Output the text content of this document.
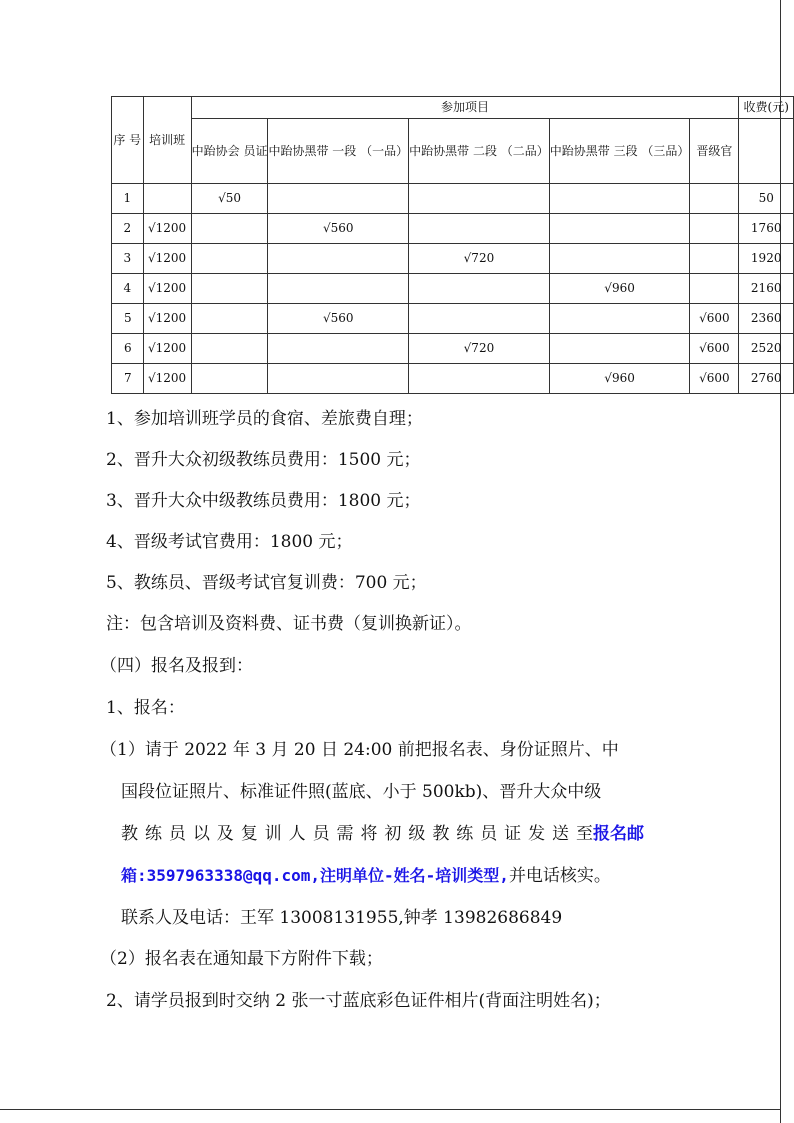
序 号	培训班	参加项目					收费(元)
		中跆协会 员证	中跆协黑带 一段 （一品）	中跆协黑带 二段 （二品）	中跆协黑带 三段 （三品）	晋级官	
1		√50					50
2	√1200		√560				1760
3	√1200			√720			1920
4	√1200				√960		2160
5	√1200		√560			√600	2360
6	√1200			√720		√600	2520
7	√1200				√960	√600	2760
1、参加培训班学员的食宿、差旅费自理；
2、晋升大众初级教练员费用：1500 元；
3、晋升大众中级教练员费用：1800 元；
4、晋级考试官费用：1800 元；
5、教练员、晋级考试官复训费：700 元；
注：包含培训及资料费、证书费（复训换新证）。
（四）报名及报到：
1、报名：
（1）请于 2022 年 3 月 20 日 24:00 前把报名表、身份证照片、中
国段位证照片、标准证件照(蓝底、小于 500kb)、晋升大众中级
教练员以及复训人员需将初级教练员证发送至报名邮
箱:3597963338@qq.com,注明单位-姓名-培训类型,并电话核实。
联系人及电话：王军 13008131955,钟孝 13982686849
（2）报名表在通知最下方附件下载；
2、请学员报到时交纳 2 张一寸蓝底彩色证件相片(背面注明姓名)；
